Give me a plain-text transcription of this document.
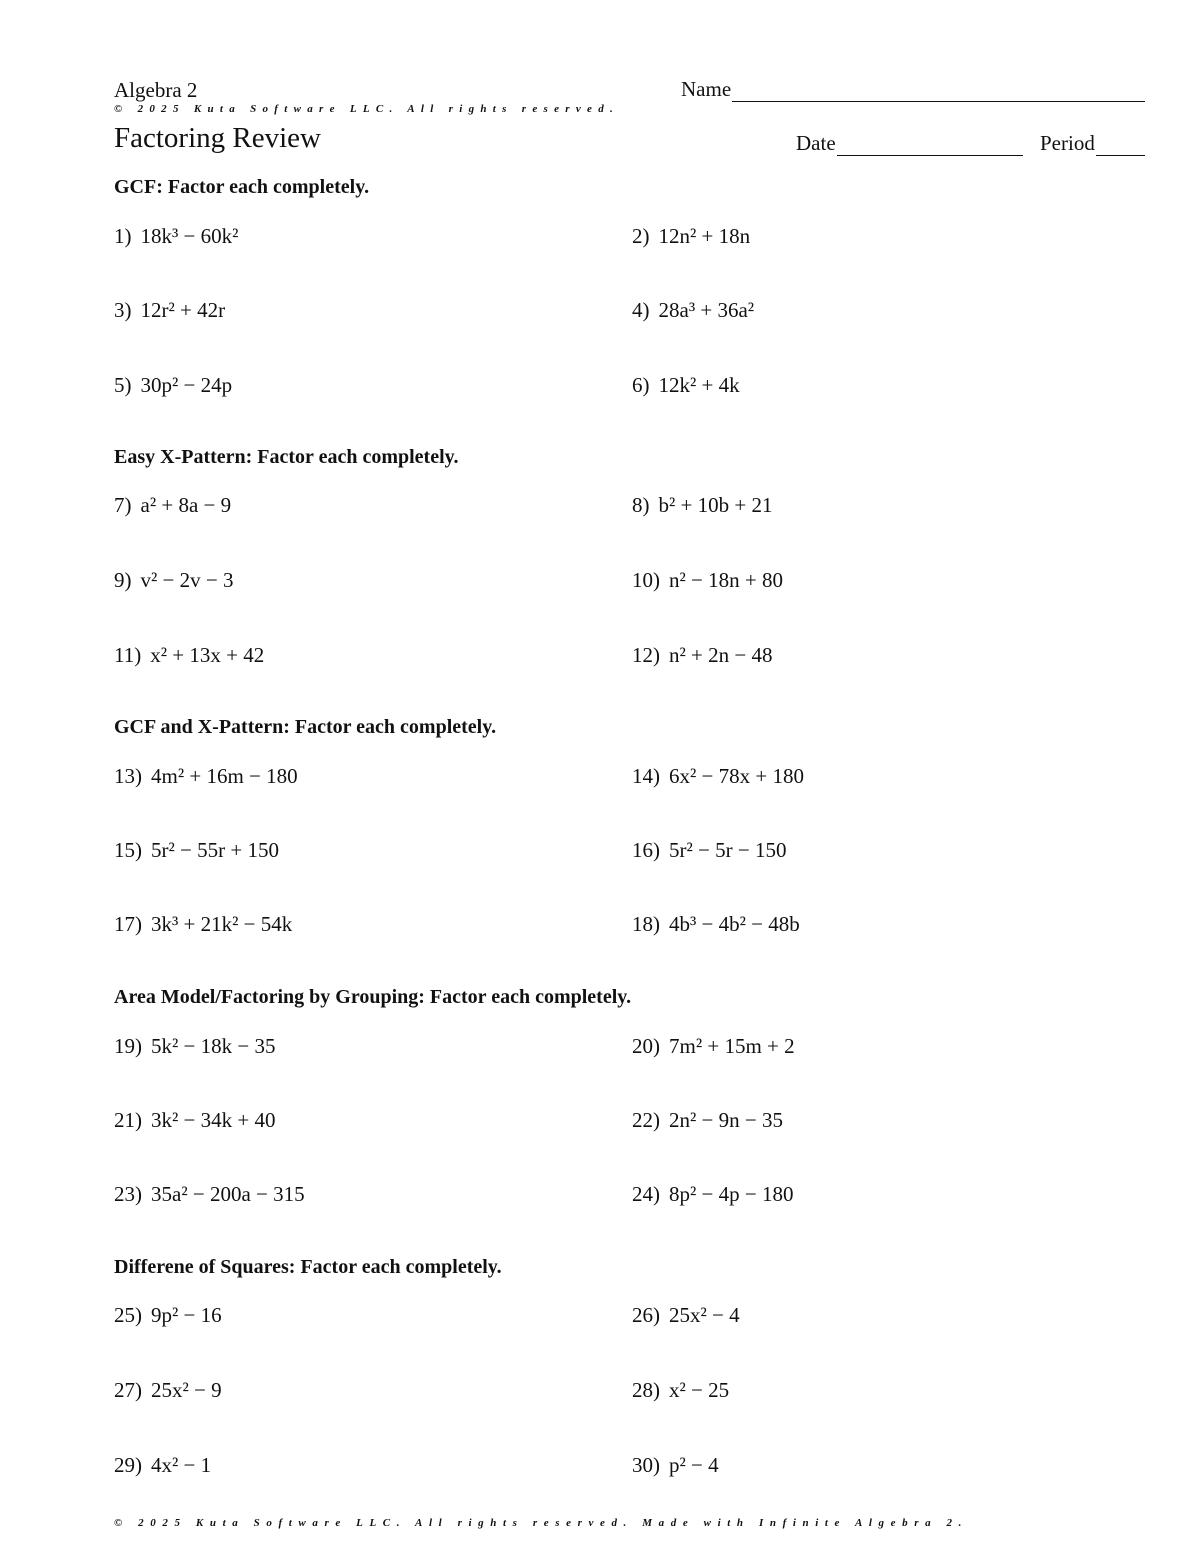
Algebra 2
© 2025 Kuta Software LLC. All rights reserved.
Factoring Review
Name
Date	Period
GCF: Factor each completely.
1) 18k³ − 60k²	2) 12n² + 18n
3) 12r² + 42r	4) 28a³ + 36a²
5) 30p² − 24p	6) 12k² + 4k
Easy X-Pattern: Factor each completely.
7) a² + 8a − 9	8) b² + 10b + 21
9) v² − 2v − 3	10) n² − 18n + 80
11) x² + 13x + 42	12) n² + 2n − 48
GCF and X-Pattern: Factor each completely.
13) 4m² + 16m − 180	14) 6x² − 78x + 180
15) 5r² − 55r + 150	16) 5r² − 5r − 150
17) 3k³ + 21k² − 54k	18) 4b³ − 4b² − 48b
Area Model/Factoring by Grouping: Factor each completely.
19) 5k² − 18k − 35	20) 7m² + 15m + 2
21) 3k² − 34k + 40	22) 2n² − 9n − 35
23) 35a² − 200a − 315	24) 8p² − 4p − 180
Differene of Squares: Factor each completely.
25) 9p² − 16	26) 25x² − 4
27) 25x² − 9	28) x² − 25
29) 4x² − 1	30) p² − 4
© 2025 Kuta Software LLC. All rights reserved. Made with Infinite Algebra 2.
